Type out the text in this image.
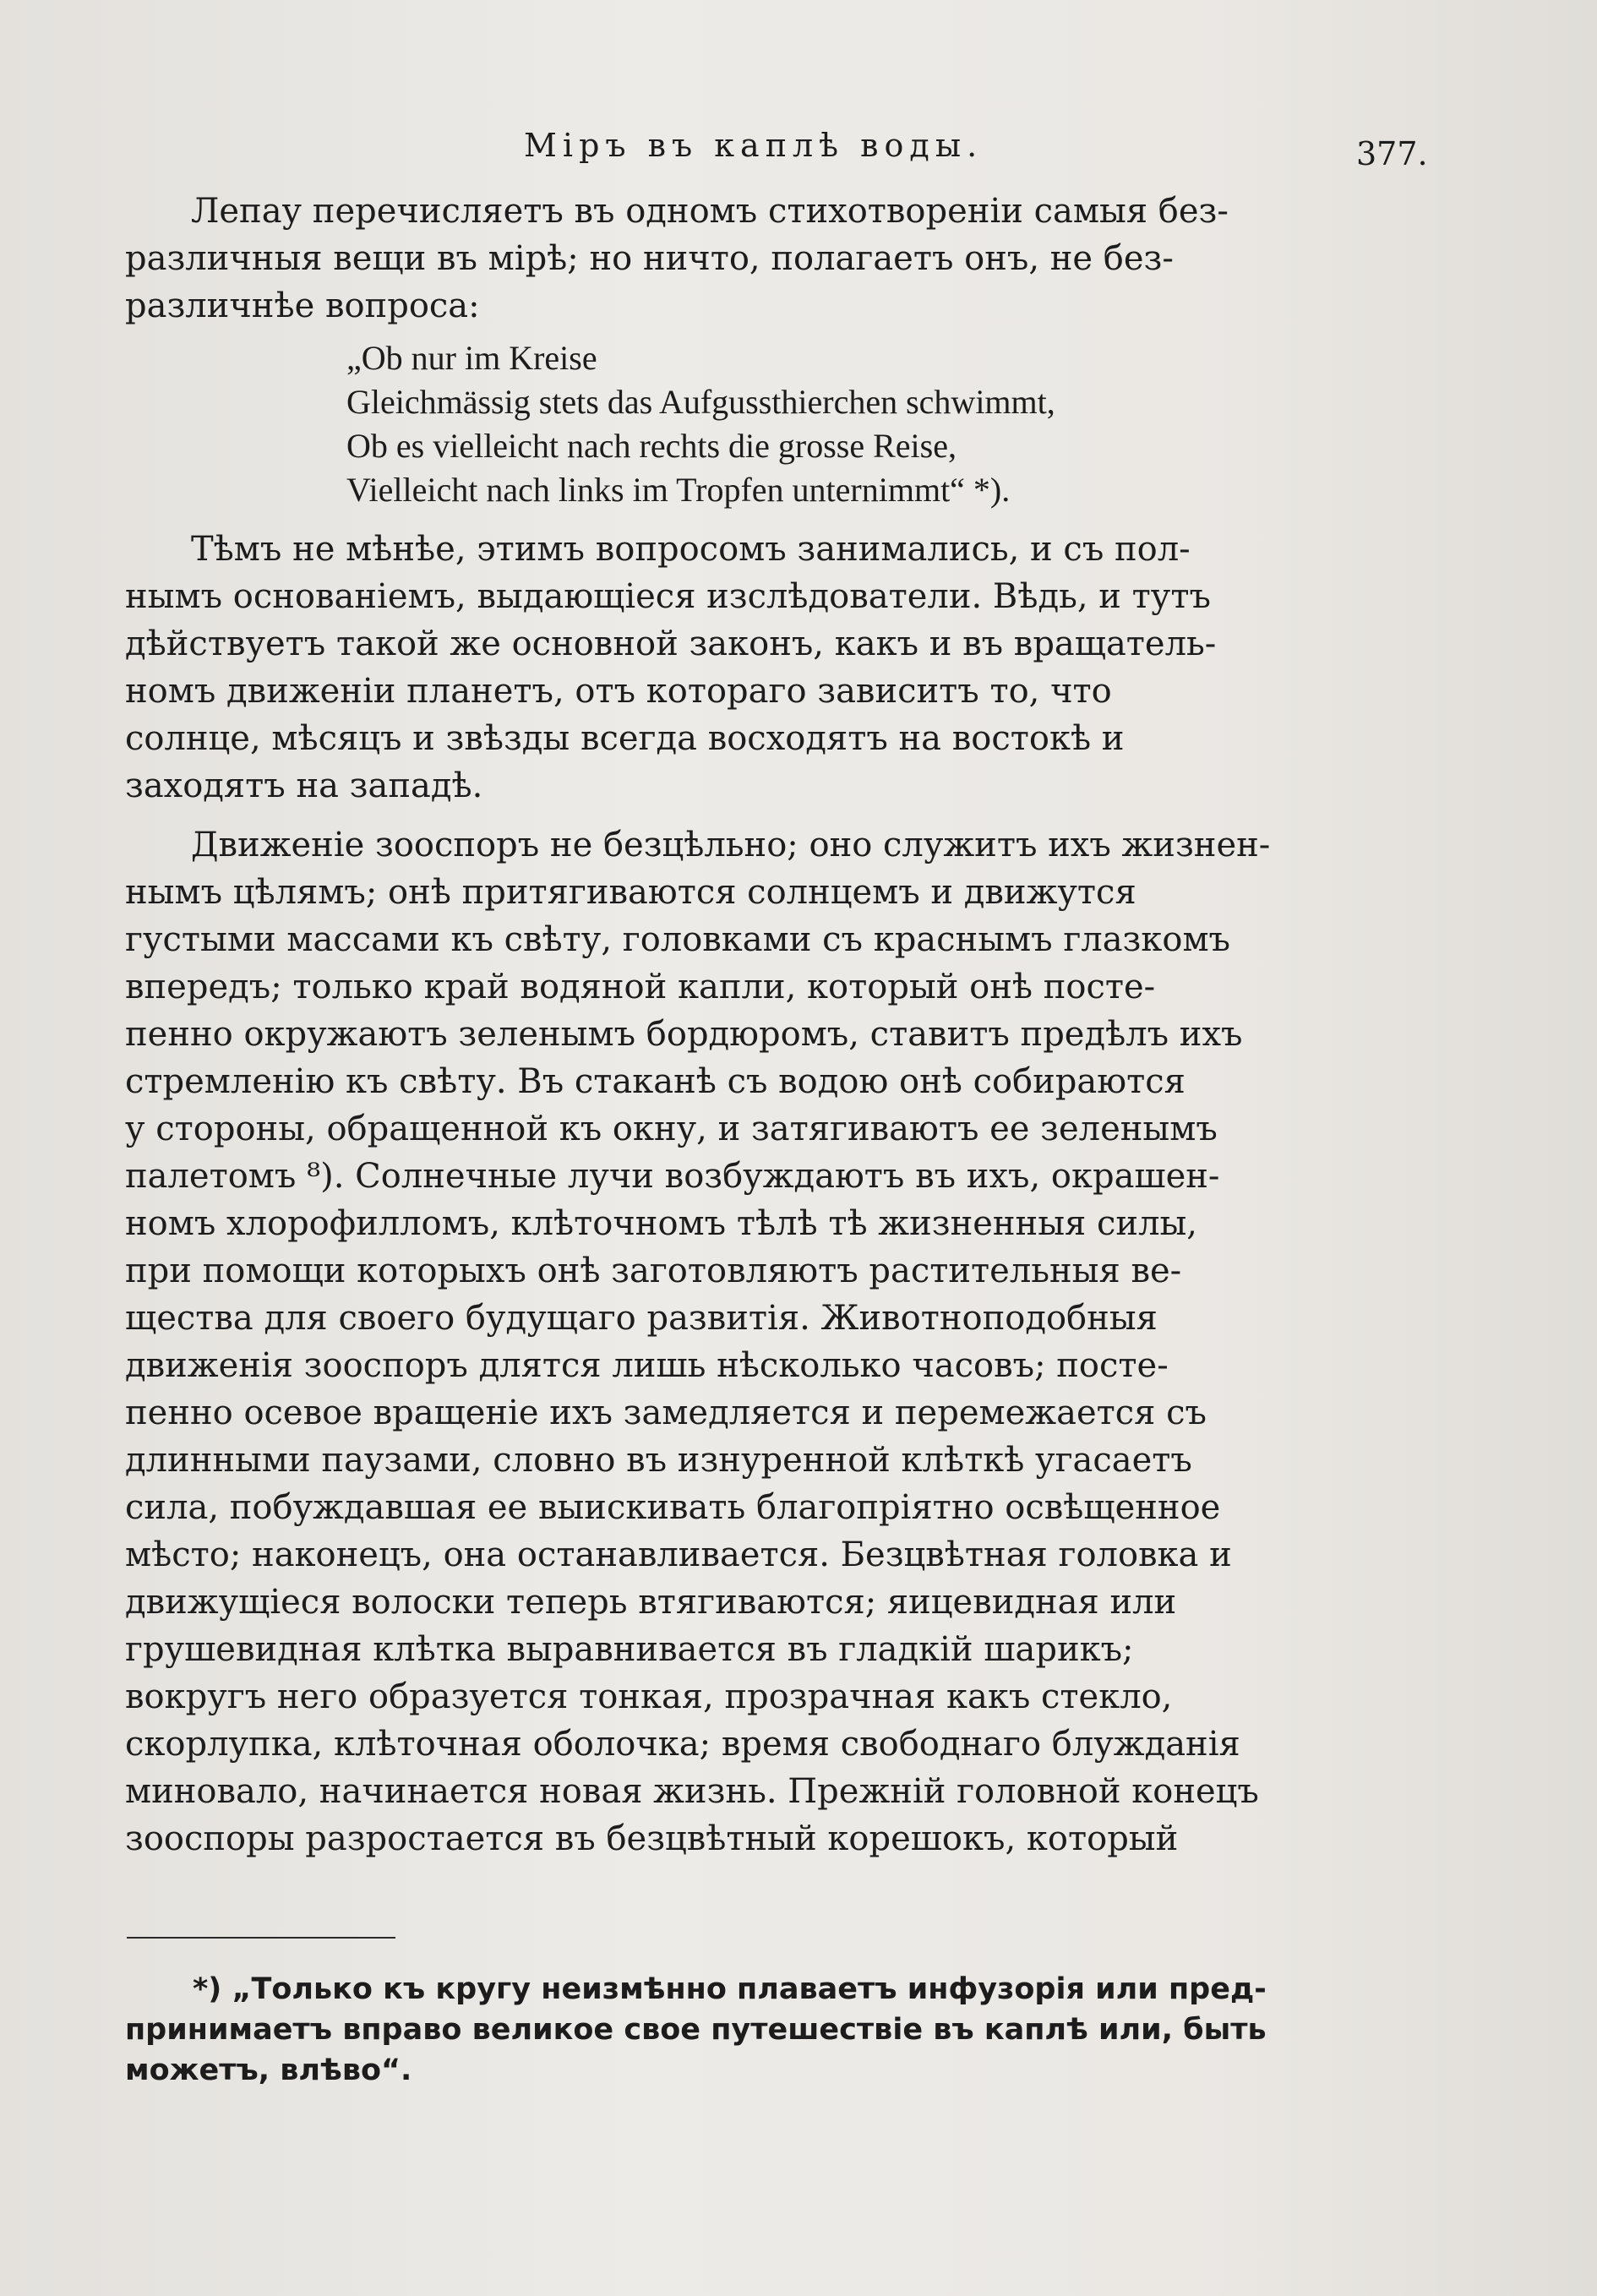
Міръ въ каплѣ воды.	377.
Лепау перечисляетъ въ одномъ стихотвореніи самыя без-
различныя вещи въ мірѣ; но ничто, полагаетъ онъ, не без-
различнѣе вопроса:
„Ob nur im Kreise
Gleichmässig stets das Aufgussthierchen schwimmt,
Ob es vielleicht nach rechts die grosse Reise,
Vielleicht nach links im Tropfen unternimmt“ *).
Тѣмъ не мѣнѣе, этимъ вопросомъ занимались, и съ пол-
нымъ основаніемъ, выдающіеся изслѣдователи. Вѣдь, и тутъ
дѣйствуетъ такой же основной законъ, какъ и въ вращатель-
номъ движеніи планетъ, отъ котораго зависитъ то, что
солнце, мѣсяцъ и звѣзды всегда восходятъ на востокѣ и
заходятъ на западѣ.
Движеніе зооспоръ не безцѣльно; оно служитъ ихъ жизнен-
нымъ цѣлямъ; онѣ притягиваются солнцемъ и движутся
густыми массами къ свѣту, головками съ краснымъ глазкомъ
впередъ; только край водяной капли, который онѣ посте-
пенно окружаютъ зеленымъ бордюромъ, ставитъ предѣлъ ихъ
стремленію къ свѣту. Въ стаканѣ съ водою онѣ собираются
у стороны, обращенной къ окну, и затягиваютъ ее зеленымъ
палетомъ ⁸). Солнечные лучи возбуждаютъ въ ихъ, окрашен-
номъ хлорофилломъ, клѣточномъ тѣлѣ тѣ жизненныя силы,
при помощи которыхъ онѣ заготовляютъ растительныя ве-
щества для своего будущаго развитія. Животноподобныя
движенія зооспоръ длятся лишь нѣсколько часовъ; посте-
пенно осевое вращеніе ихъ замедляется и перемежается съ
длинными паузами, словно въ изнуренной клѣткѣ угасаетъ
сила, побуждавшая ее выискивать благопріятно освѣщенное
мѣсто; наконецъ, она останавливается. Безцвѣтная головка и
движущіеся волоски теперь втягиваются; яицевидная или
грушевидная клѣтка выравнивается въ гладкій шарикъ;
вокругъ него образуется тонкая, прозрачная какъ стекло,
скорлупка, клѣточная оболочка; время свободнаго блужданія
миновало, начинается новая жизнь. Прежній головной конецъ
зооспоры разростается въ безцвѣтный корешокъ, который
*) „Только къ кругу неизмѣнно плаваетъ инфузорія или пред-
принимаетъ вправо великое свое путешествіе въ каплѣ или, быть
можетъ, влѣво“.
